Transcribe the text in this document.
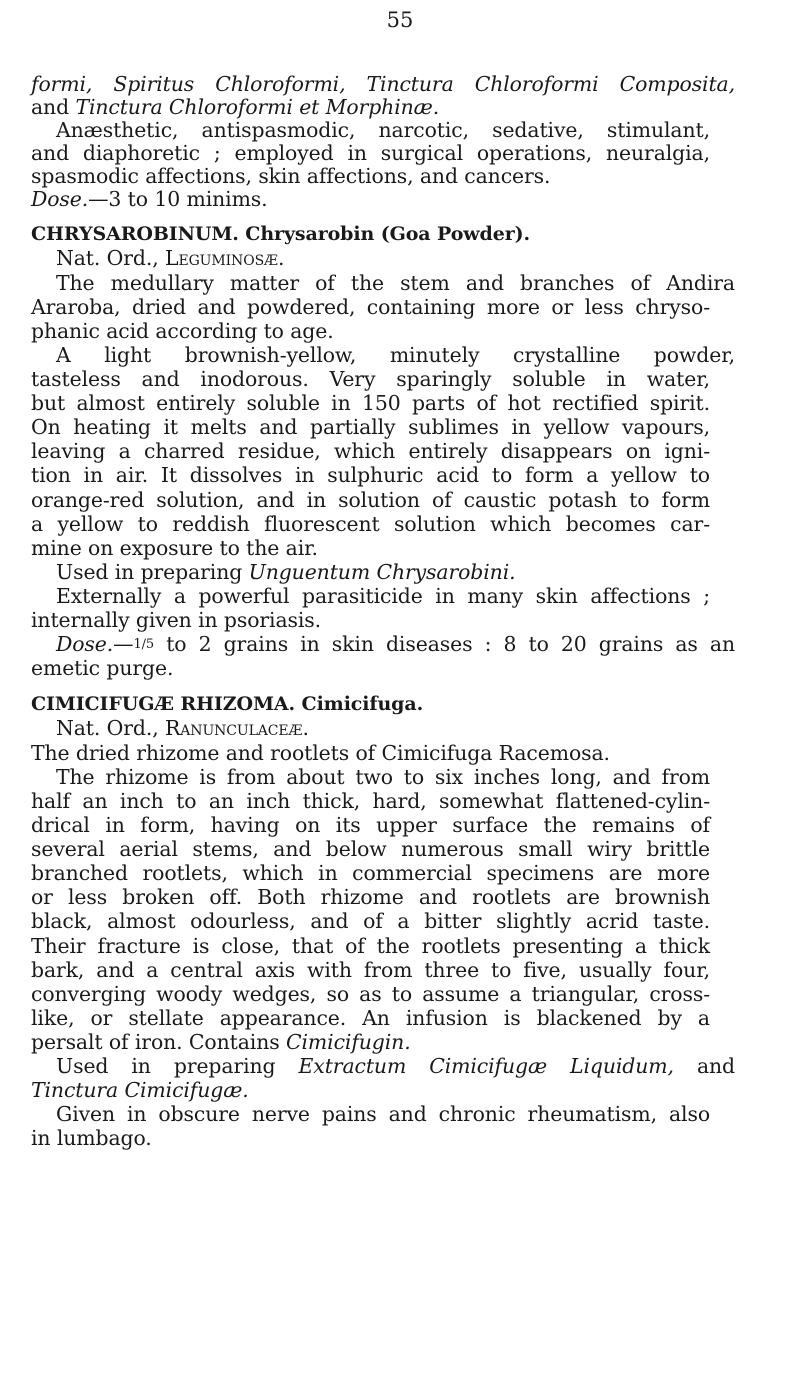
55
formi, Spiritus Chloroformi, Tinctura Chloroformi Composita,
and Tinctura Chloroformi et Morphinæ.
Anæsthetic, antispasmodic, narcotic, sedative, stimulant,
and diaphoretic ; employed in surgical operations, neuralgia,
spasmodic affections, skin affections, and cancers.
Dose.—3 to 10 minims.
CHRYSAROBINUM. Chrysarobin (Goa Powder).
Nat. Ord., Leguminosæ.
The medullary matter of the stem and branches of Andira
Araroba, dried and powdered, containing more or less chryso-
phanic acid according to age.
A light brownish-yellow, minutely crystalline powder,
tasteless and inodorous. Very sparingly soluble in water,
but almost entirely soluble in 150 parts of hot rectified spirit.
On heating it melts and partially sublimes in yellow vapours,
leaving a charred residue, which entirely disappears on igni-
tion in air. It dissolves in sulphuric acid to form a yellow to
orange-red solution, and in solution of caustic potash to form
a yellow to reddish fluorescent solution which becomes car-
mine on exposure to the air.
Used in preparing Unguentum Chrysarobini.
Externally a powerful parasiticide in many skin affections ;
internally given in psoriasis.
Dose.—1/5 to 2 grains in skin diseases : 8 to 20 grains as an
emetic purge.
CIMICIFUGÆ RHIZOMA. Cimicifuga.
Nat. Ord., Ranunculaceæ.
The dried rhizome and rootlets of Cimicifuga Racemosa.
The rhizome is from about two to six inches long, and from
half an inch to an inch thick, hard, somewhat flattened-cylin-
drical in form, having on its upper surface the remains of
several aerial stems, and below numerous small wiry brittle
branched rootlets, which in commercial specimens are more
or less broken off. Both rhizome and rootlets are brownish
black, almost odourless, and of a bitter slightly acrid taste.
Their fracture is close, that of the rootlets presenting a thick
bark, and a central axis with from three to five, usually four,
converging woody wedges, so as to assume a triangular, cross-
like, or stellate appearance. An infusion is blackened by a
persalt of iron. Contains Cimicifugin.
Used in preparing Extractum Cimicifugæ Liquidum, and
Tinctura Cimicifugæ.
Given in obscure nerve pains and chronic rheumatism, also
in lumbago.
